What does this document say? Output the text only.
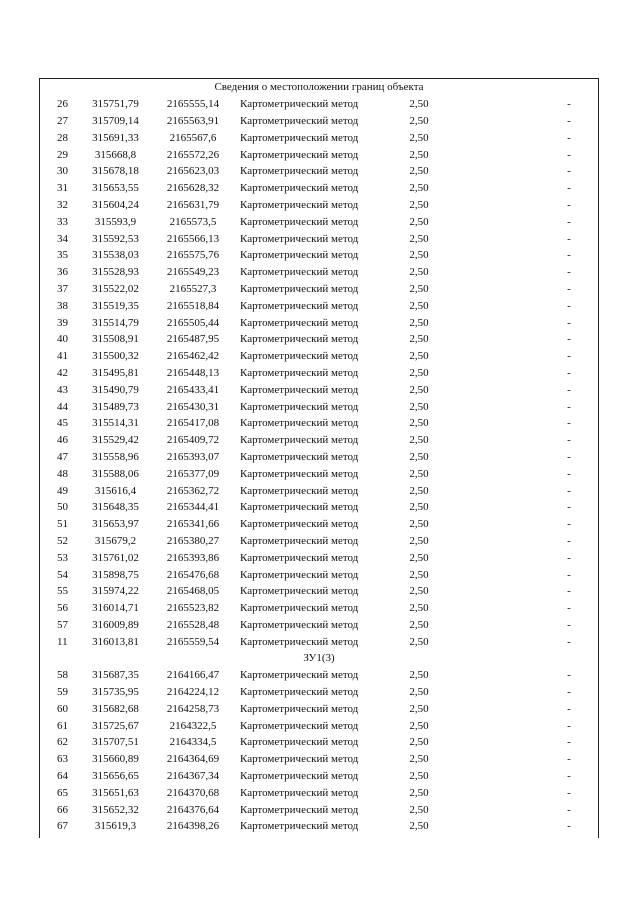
Сведения о местоположении границ объекта					
26	315751,79	2165555,14	Картометрический метод	2,50	-
27	315709,14	2165563,91	Картометрический метод	2,50	-
28	315691,33	2165567,6	Картометрический метод	2,50	-
29	315668,8	2165572,26	Картометрический метод	2,50	-
30	315678,18	2165623,03	Картометрический метод	2,50	-
31	315653,55	2165628,32	Картометрический метод	2,50	-
32	315604,24	2165631,79	Картометрический метод	2,50	-
33	315593,9	2165573,5	Картометрический метод	2,50	-
34	315592,53	2165566,13	Картометрический метод	2,50	-
35	315538,03	2165575,76	Картометрический метод	2,50	-
36	315528,93	2165549,23	Картометрический метод	2,50	-
37	315522,02	2165527,3	Картометрический метод	2,50	-
38	315519,35	2165518,84	Картометрический метод	2,50	-
39	315514,79	2165505,44	Картометрический метод	2,50	-
40	315508,91	2165487,95	Картометрический метод	2,50	-
41	315500,32	2165462,42	Картометрический метод	2,50	-
42	315495,81	2165448,13	Картометрический метод	2,50	-
43	315490,79	2165433,41	Картометрический метод	2,50	-
44	315489,73	2165430,31	Картометрический метод	2,50	-
45	315514,31	2165417,08	Картометрический метод	2,50	-
46	315529,42	2165409,72	Картометрический метод	2,50	-
47	315558,96	2165393,07	Картометрический метод	2,50	-
48	315588,06	2165377,09	Картометрический метод	2,50	-
49	315616,4	2165362,72	Картометрический метод	2,50	-
50	315648,35	2165344,41	Картометрический метод	2,50	-
51	315653,97	2165341,66	Картометрический метод	2,50	-
52	315679,2	2165380,27	Картометрический метод	2,50	-
53	315761,02	2165393,86	Картометрический метод	2,50	-
54	315898,75	2165476,68	Картометрический метод	2,50	-
55	315974,22	2165468,05	Картометрический метод	2,50	-
56	316014,71	2165523,82	Картометрический метод	2,50	-
57	316009,89	2165528,48	Картометрический метод	2,50	-
11	316013,81	2165559,54	Картометрический метод	2,50	-
ЗУ1(3)					
58	315687,35	2164166,47	Картометрический метод	2,50	-
59	315735,95	2164224,12	Картометрический метод	2,50	-
60	315682,68	2164258,73	Картометрический метод	2,50	-
61	315725,67	2164322,5	Картометрический метод	2,50	-
62	315707,51	2164334,5	Картометрический метод	2,50	-
63	315660,89	2164364,69	Картометрический метод	2,50	-
64	315656,65	2164367,34	Картометрический метод	2,50	-
65	315651,63	2164370,68	Картометрический метод	2,50	-
66	315652,32	2164376,64	Картометрический метод	2,50	-
67	315619,3	2164398,26	Картометрический метод	2,50	-
